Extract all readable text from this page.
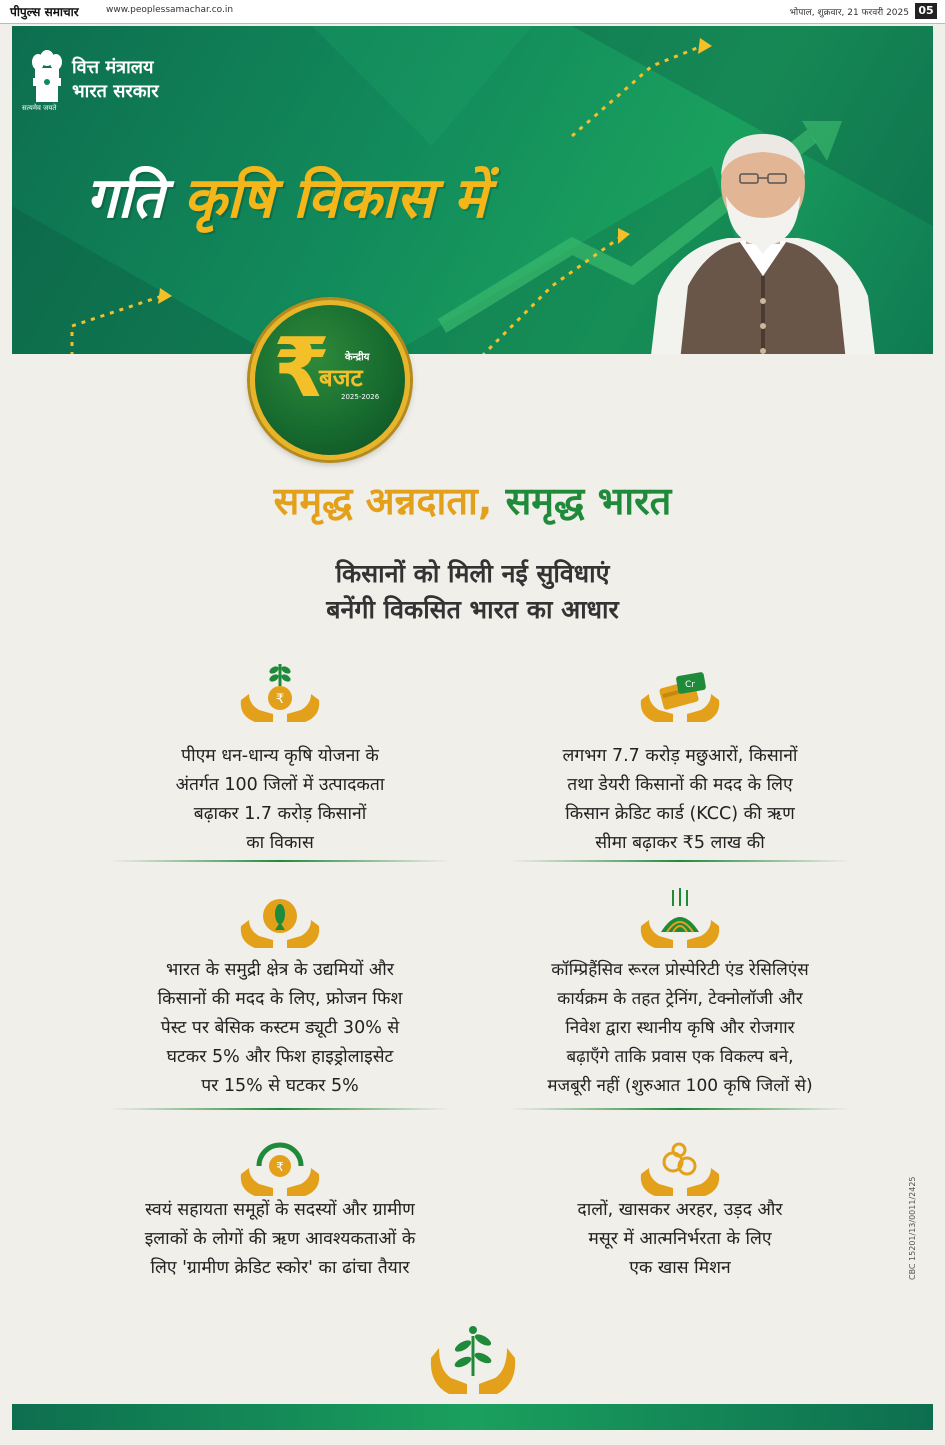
पीपुल्स समाचार	www.peoplessamachar.co.in	भोपाल, शुक्रवार, 21 फरवरी 2025 05
सत्यमेव जयते
वित्त मंत्रालय
भारत सरकार
गति कृषि विकास में
₹ केन्द्रीय
बजट
2025-2026
समृद्ध अन्नदाता, समृद्ध भारत
किसानों को मिली नई सुविधाएं
बनेंगी विकसित भारत का आधार
₹
पीएम धन-धान्य कृषि योजना के
अंतर्गत 100 जिलों में उत्पादकता
बढ़ाकर 1.7 करोड़ किसानों
का विकास
Cr
लगभग 7.7 करोड़ मछुआरों, किसानों
तथा डेयरी किसानों की मदद के लिए
किसान क्रेडिट कार्ड (KCC) की ऋण
सीमा बढ़ाकर ₹5 लाख की
भारत के समुद्री क्षेत्र के उद्यमियों और
किसानों की मदद के लिए, फ्रोजन फिश
पेस्ट पर बेसिक कस्टम ड्यूटी 30% से
घटकर 5% और फिश हाइड्रोलाइसेट
पर 15% से घटकर 5%
कॉम्प्रिहैंसिव रूरल प्रोस्पेरिटी एंड रेसिलिएंस
कार्यक्रम के तहत ट्रेनिंग, टेक्नोलॉजी और
निवेश द्वारा स्थानीय कृषि और रोजगार
बढ़ाएँगे ताकि प्रवास एक विकल्प बने,
मजबूरी नहीं (शुरुआत 100 कृषि जिलों से)
₹
स्वयं सहायता समूहों के सदस्यों और ग्रामीण
इलाकों के लोगों की ऋण आवश्यकताओं के
लिए 'ग्रामीण क्रेडिट स्कोर' का ढांचा तैयार
दालों, खासकर अरहर, उड़द और
मसूर में आत्मनिर्भरता के लिए
एक खास मिशन	CBC 15201/13/0011/2425
